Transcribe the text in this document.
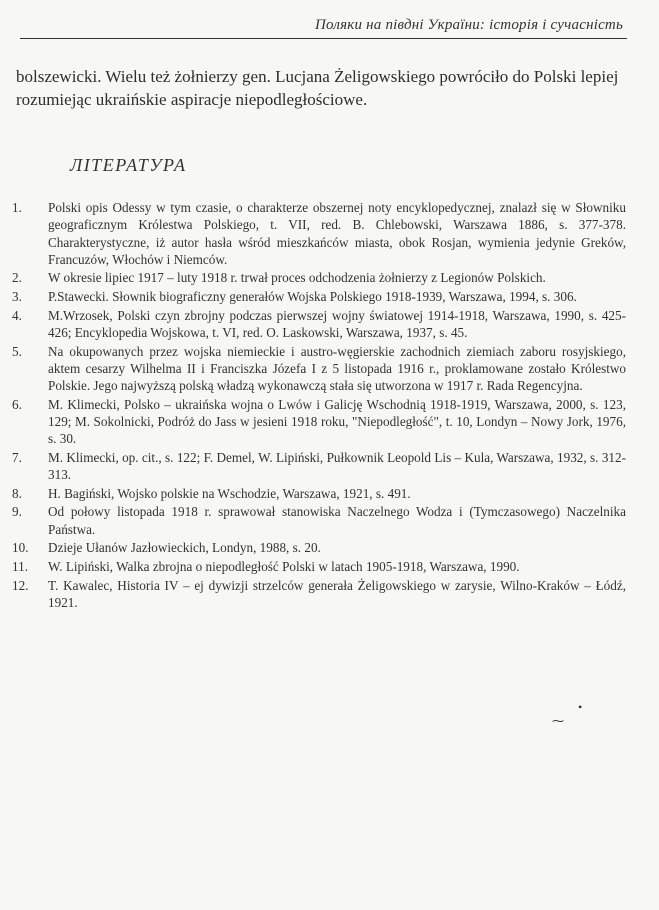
Поляки на півдні України: історія і сучасність
bolszewicki. Wielu też żołnierzy gen. Lucjana Żeligowskiego powróciło do Polski lepiej rozumiejąc ukraińskie aspiracje niepodległościowe.
ЛІТЕРАТУРА
1.	Polski opis Odessy w tym czasie, o charakterze obszernej noty encyklopedycznej, znalazł się w Słowniku geograficznym Królestwa Polskiego, t. VII, red. B. Chlebowski, Warszawa 1886, s. 377-378. Charakterystyczne, iż autor hasła wśród mieszkańców miasta, obok Rosjan, wymienia jedynie Greków, Francuzów, Włochów i Niemców.
2.	W okresie lipiec 1917 – luty 1918 r. trwał proces odchodzenia żołnierzy z Legionów Polskich.
3.	P.Stawecki. Słownik biograficzny generałów Wojska Polskiego 1918-1939, Warszawa, 1994, s. 306.
4.	M.Wrzosek, Polski czyn zbrojny podczas pierwszej wojny światowej 1914-1918, Warszawa, 1990, s. 425-426; Encyklopedia Wojskowa, t. VI, red. O. Laskowski, Warszawa, 1937, s. 45.
5.	Na okupowanych przez wojska niemieckie i austro-węgierskie zachodnich ziemiach zaboru rosyjskiego, aktem cesarzy Wilhelma II i Franciszka Józefa I z 5 listopada 1916 r., proklamowane zostało Królestwo Polskie. Jego najwyższą polską władzą wykonawczą stała się utworzona w 1917 r. Rada Regencyjna.
6.	M. Klimecki, Polsko – ukraińska wojna o Lwów i Galicję Wschodnią 1918-1919, Warszawa, 2000, s. 123, 129; M. Sokolnicki, Podróż do Jass w jesieni 1918 roku, "Niepodległość", t. 10, Londyn – Nowy Jork, 1976, s. 30.
7.	M. Klimecki, op. cit., s. 122; F. Demel, W. Lipiński, Pułkownik Leopold Lis – Kula, Warszawa, 1932, s. 312-313.
8.	H. Bagiński, Wojsko polskie na Wschodzie, Warszawa, 1921, s. 491.
9.	Od połowy listopada 1918 r. sprawował stanowiska Naczelnego Wodza i (Tymczasowego) Naczelnika Państwa.
10.	Dzieje Ułanów Jazłowieckich, Londyn, 1988, s. 20.
11.	W. Lipiński, Walka zbrojna o niepodległość Polski w latach 1905-1918, Warszawa, 1990.
12.	T. Kawalec, Historia IV – ej dywizji strzelców generała Żeligowskiego w zarysie, Wilno-Kraków – Łódź, 1921.
•
⁓
